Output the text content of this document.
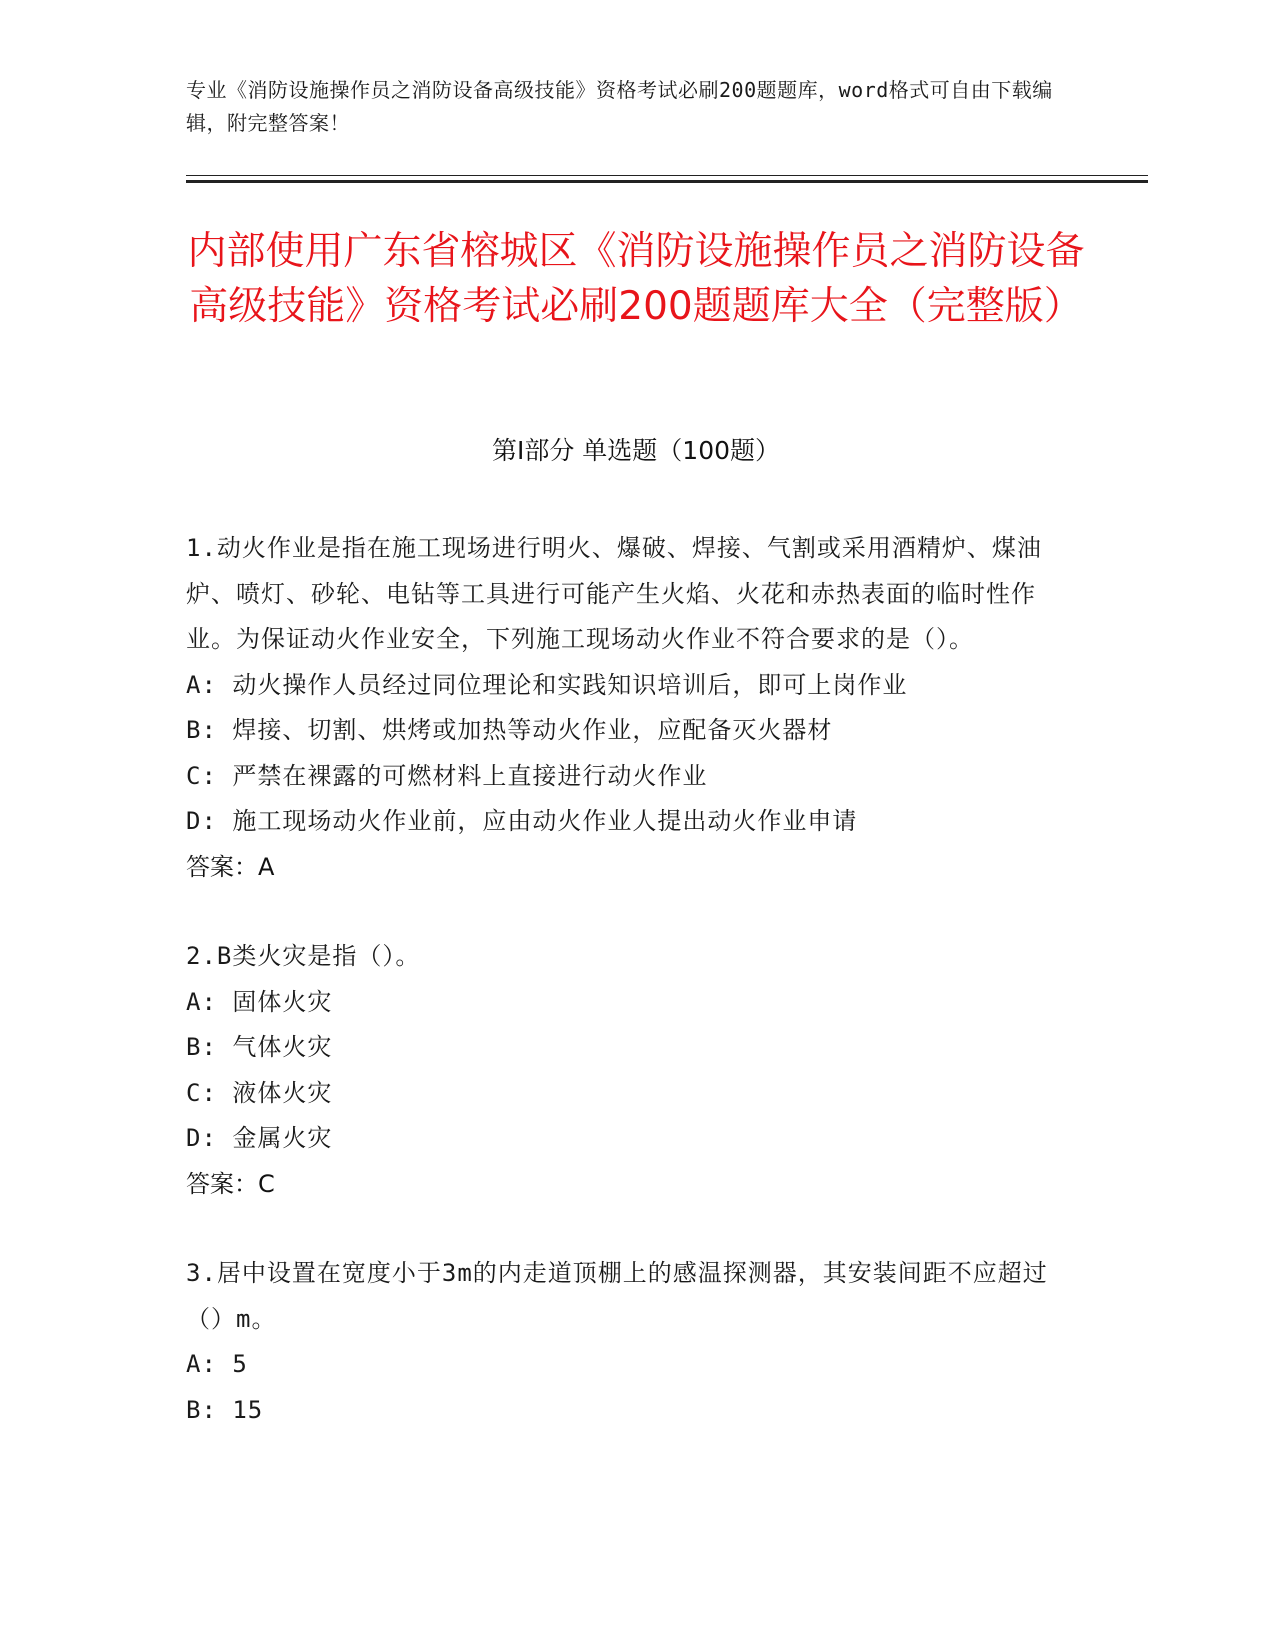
专业《消防设施操作员之消防设备高级技能》资格考试必刷200题题库，word格式可自由下载编辑，附完整答案！

内部使用广东省榕城区《消防设施操作员之消防设备高级技能》资格考试必刷200题题库大全（完整版）
第Ⅰ部分 单选题（100题）

1.动火作业是指在施工现场进行明火、爆破、焊接、气割或采用酒精炉、煤油炉、喷灯、砂轮、电钻等工具进行可能产生火焰、火花和赤热表面的临时性作业。为保证动火作业安全，下列施工现场动火作业不符合要求的是（）。

A: 动火操作人员经过同位理论和实践知识培训后，即可上岗作业

B: 焊接、切割、烘烤或加热等动火作业，应配备灭火器材

C: 严禁在裸露的可燃材料上直接进行动火作业

D: 施工现场动火作业前，应由动火作业人提出动火作业申请

答案：A

2.B类火灾是指（）。

A: 固体火灾

B: 气体火灾

C: 液体火灾

D: 金属火灾

答案：C

3.居中设置在宽度小于3m的内走道顶棚上的感温探测器，其安装间距不应超过（）m。

A: 5

B: 15
